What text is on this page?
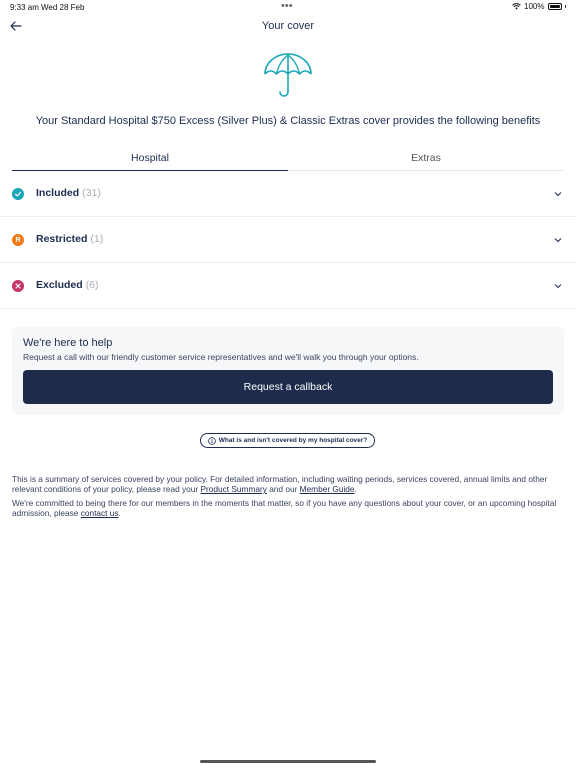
9:33 am Wed 28 Feb	•••	100%
Your cover
Your Standard Hospital $750 Excess (Silver Plus) & Classic Extras cover provides the following benefits
Hospital	Extras
Included (31)
R	Restricted (1)
Excluded (6)
We're here to help
Request a call with our friendly customer service representatives and we'll walk you through your options.
Request a callback
What is and isn't covered by my hospital cover?

This is a summary of services covered by your policy. For detailed information, including waiting periods, services covered, annual limits and other relevant conditions of your policy, please read your Product Summary and our Member Guide.

We're committed to being there for our members in the moments that matter, so if you have any questions about your cover, or an upcoming hospital admission, please contact us.
